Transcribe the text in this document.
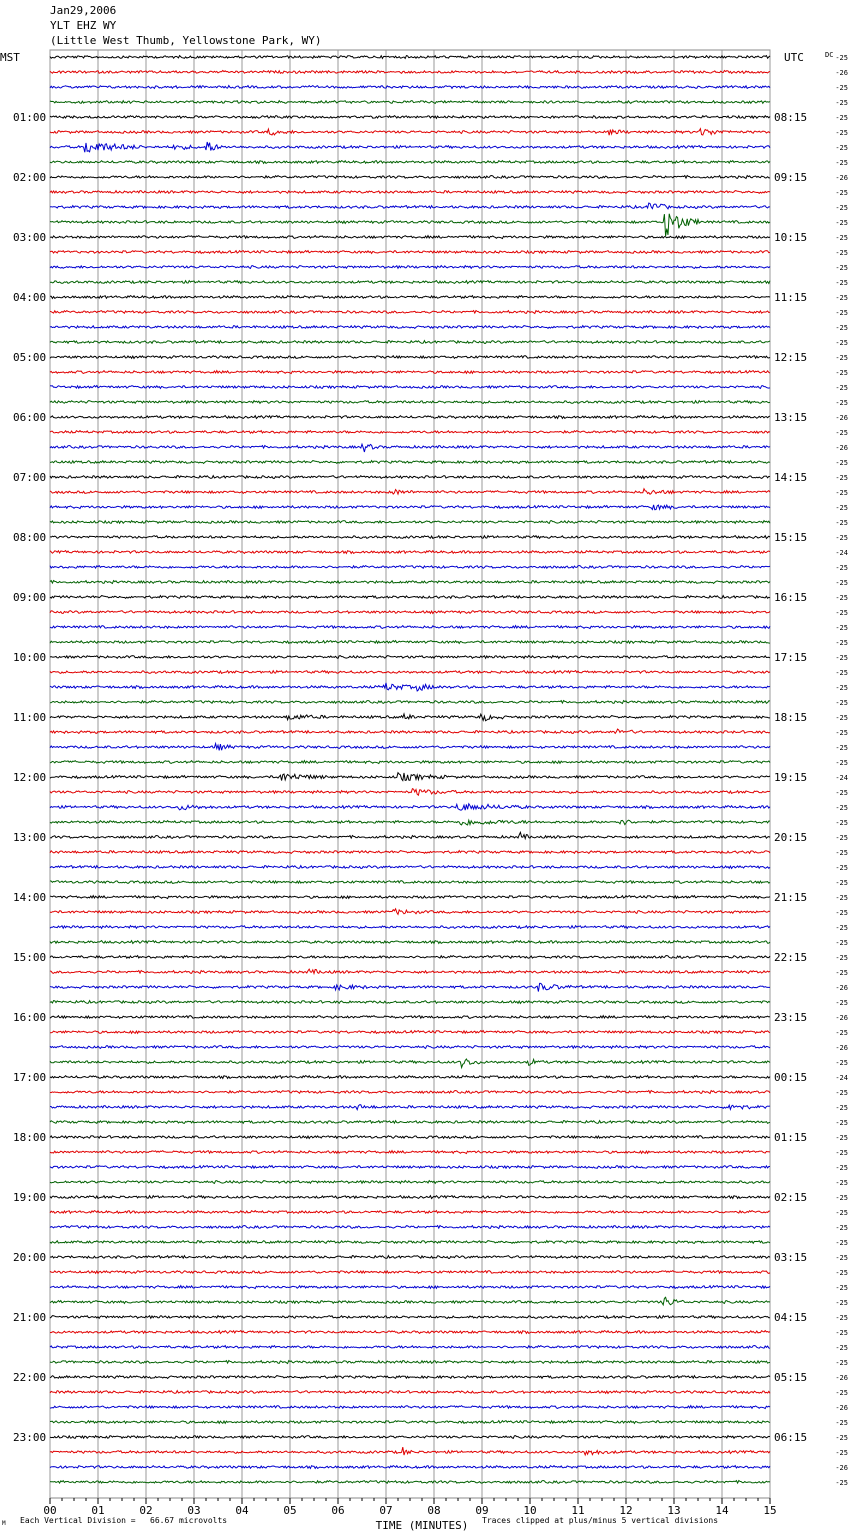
Jan29,2006
YLT EHZ WY
(Little West Thumb, Yellowstone Park, WY)
MST	UTC	DC
01:00
02:00
03:00
04:00
05:00
06:00
07:00
08:00
09:00
10:00
11:00
12:00
13:00
14:00
15:00
16:00
17:00
18:00
19:00
20:00
21:00
22:00
23:00
08:15
09:15
10:15
11:15
12:15
13:15
14:15
15:15
16:15
17:15
18:15
19:15
20:15
21:15
22:15
23:15
00:15
01:15
02:15
03:15
04:15
05:15
06:15
-25
-26
-25
-25
-25
-25
-25
-25
-26
-25
-25
-25
-25
-25
-25
-25
-25
-25
-25
-25
-25
-25
-25
-25
-26
-25
-26
-25
-25
-25
-25
-25
-25
-24
-25
-25
-25
-25
-25
-25
-25
-25
-25
-25
-25
-25
-25
-25
-24
-25
-25
-25
-25
-25
-25
-25
-25
-25
-25
-25
-25
-25
-26
-25
-26
-25
-26
-25
-24
-25
-25
-25
-25
-25
-25
-25
-25
-25
-25
-25
-25
-25
-25
-25
-25
-25
-25
-25
-26
-25
-26
-25
-25
-25
-26
-25
00	01	02	03	04	05	06	07	08	09	10	11	12	13	14	15
TIME (MINUTES)
M Each Vertical Division =   66.67 microvolts	Traces clipped at plus/minus 5 vertical divisions
